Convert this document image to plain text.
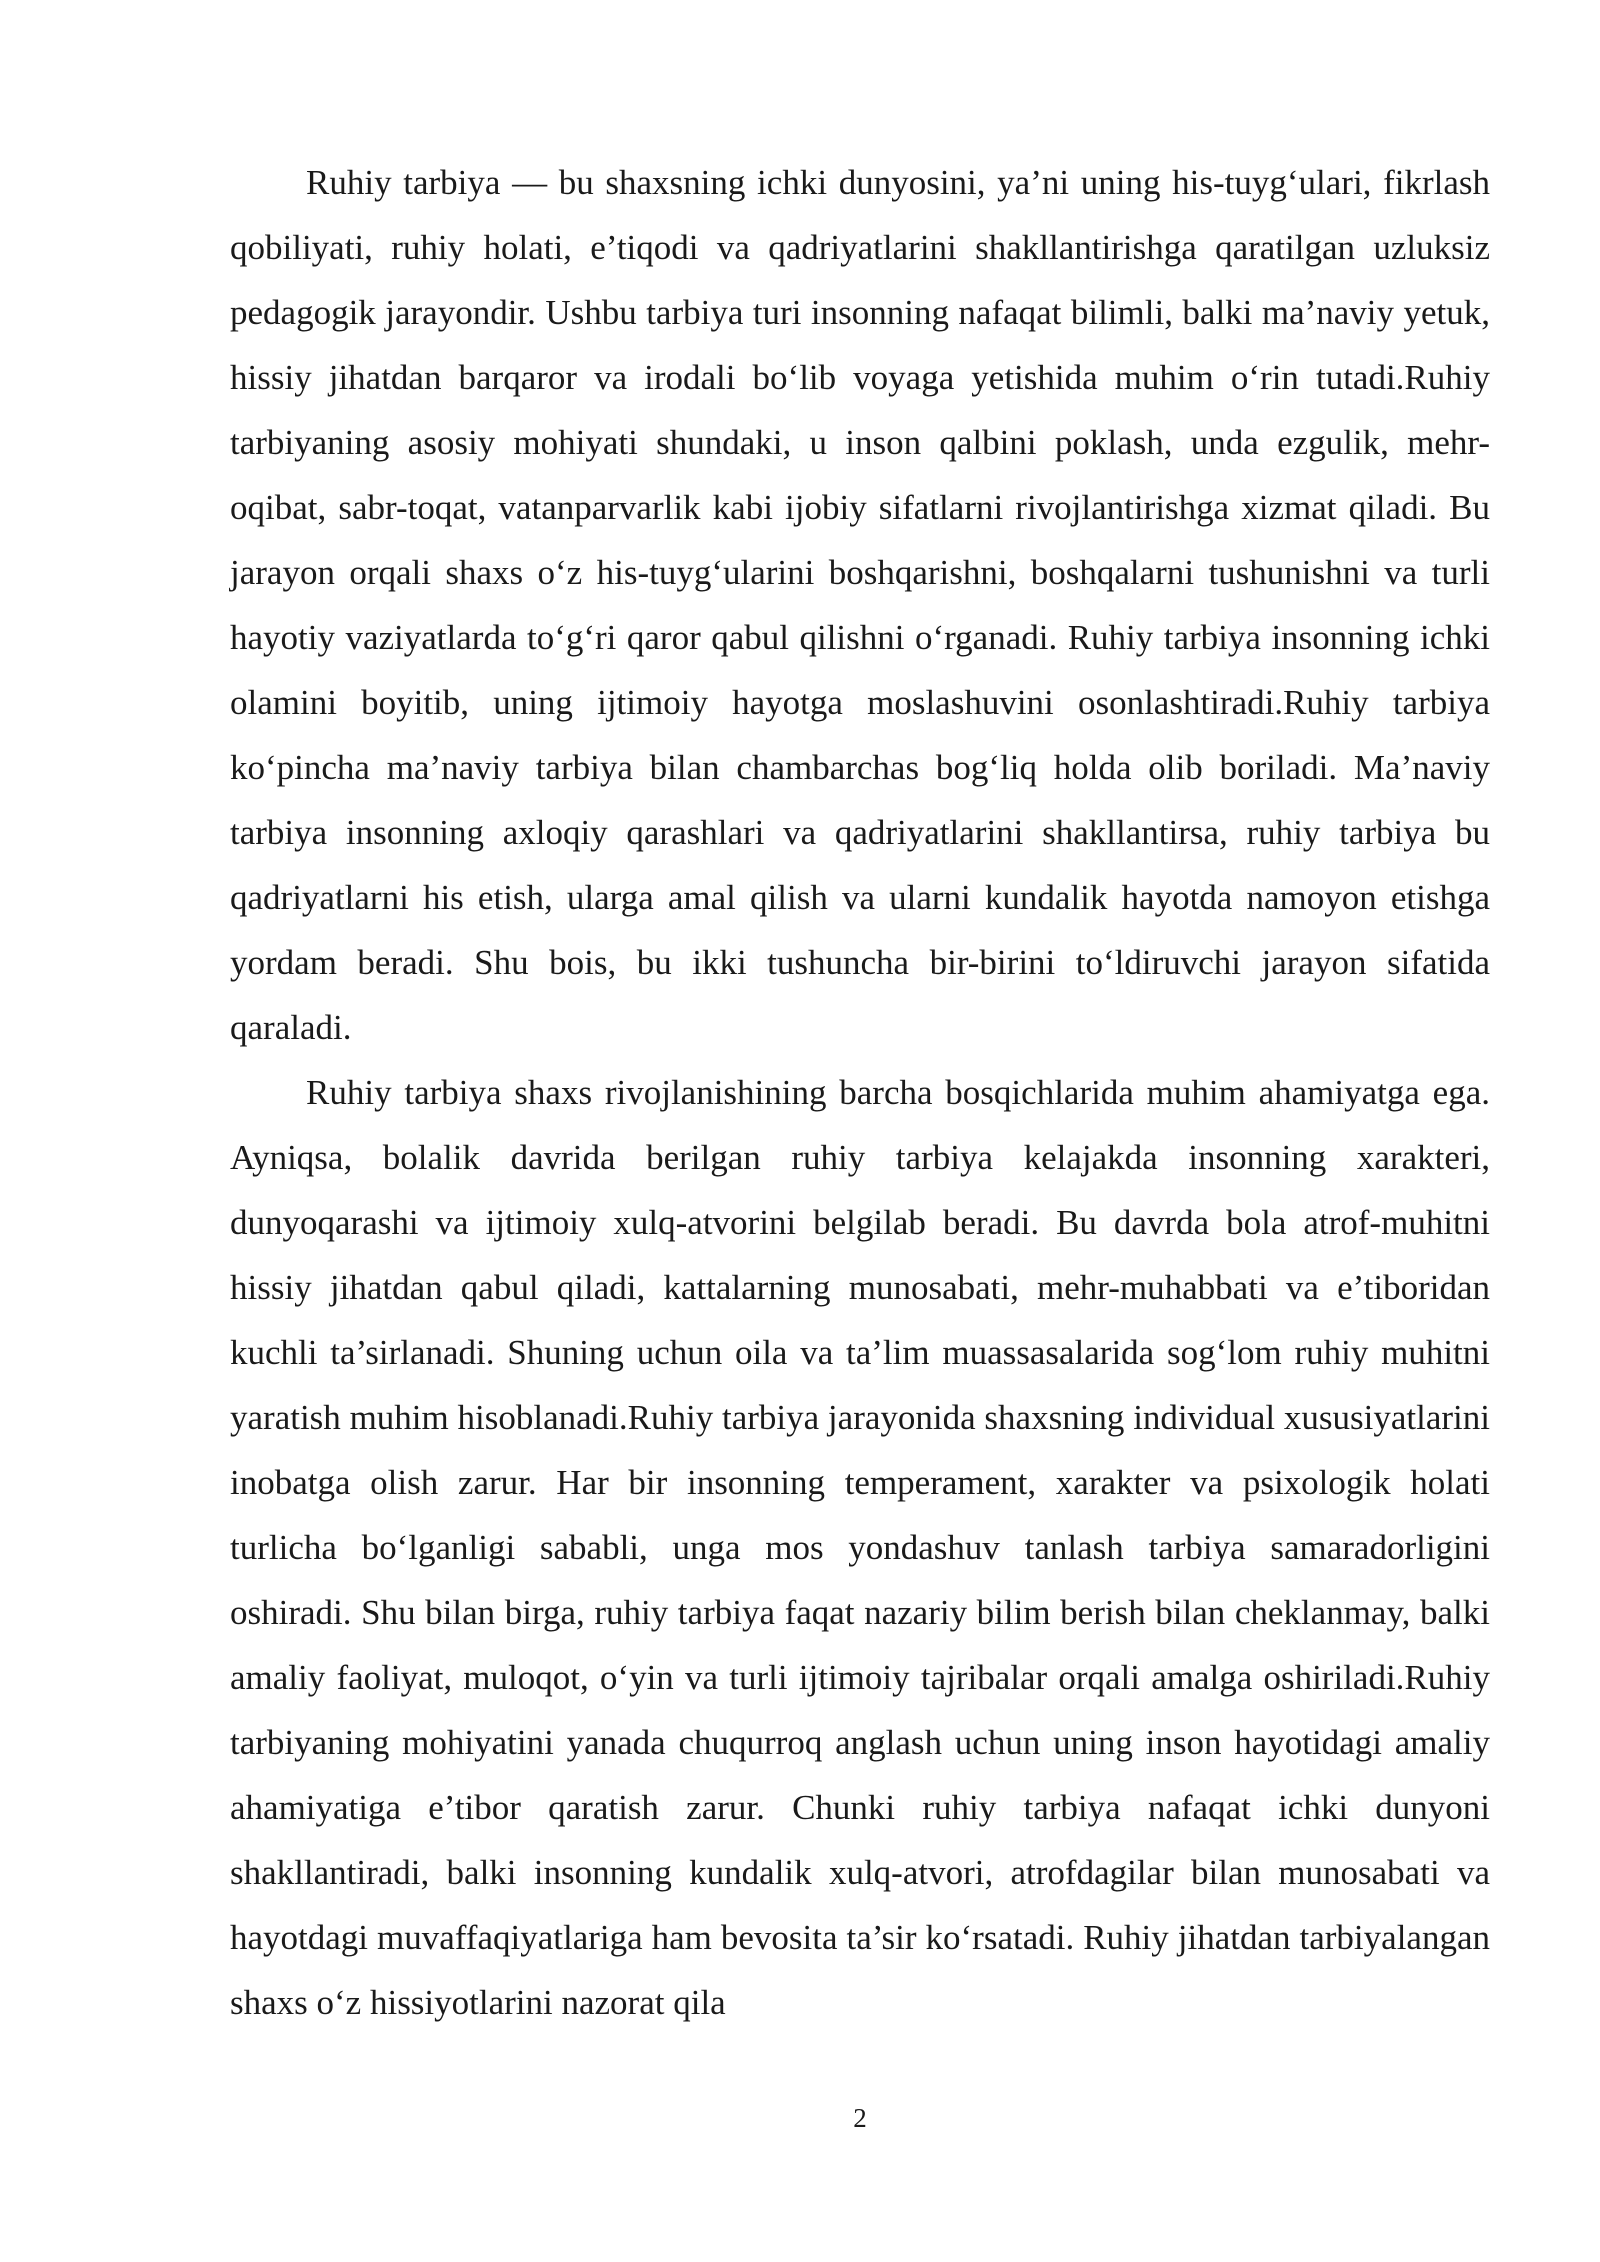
Ruhiy tarbiya — bu shaxsning ichki dunyosini, ya’ni uning his-tuyg‘ulari, fikrlash qobiliyati, ruhiy holati, e’tiqodi va qadriyatlarini shakllantirishga qaratilgan uzluksiz pedagogik jarayondir. Ushbu tarbiya turi insonning nafaqat bilimli, balki ma’naviy yetuk, hissiy jihatdan barqaror va irodali bo‘lib voyaga yetishida muhim o‘rin tutadi.Ruhiy tarbiyaning asosiy mohiyati shundaki, u inson qalbini poklash, unda ezgulik, mehr-oqibat, sabr-toqat, vatanparvarlik kabi ijobiy sifatlarni rivojlantirishga xizmat qiladi. Bu jarayon orqali shaxs o‘z his-tuyg‘ularini boshqarishni, boshqalarni tushunishni va turli hayotiy vaziyatlarda to‘g‘ri qaror qabul qilishni o‘rganadi. Ruhiy tarbiya insonning ichki olamini boyitib, uning ijtimoiy hayotga moslashuvini osonlashtiradi.Ruhiy tarbiya ko‘pincha ma’naviy tarbiya bilan chambarchas bog‘liq holda olib boriladi. Ma’naviy tarbiya insonning axloqiy qarashlari va qadriyatlarini shakllantirsa, ruhiy tarbiya bu qadriyatlarni his etish, ularga amal qilish va ularni kundalik hayotda namoyon etishga yordam beradi. Shu bois, bu ikki tushuncha bir-birini to‘ldiruvchi jarayon sifatida qaraladi.

Ruhiy tarbiya shaxs rivojlanishining barcha bosqichlarida muhim ahamiyatga ega. Ayniqsa, bolalik davrida berilgan ruhiy tarbiya kelajakda insonning xarakteri, dunyoqarashi va ijtimoiy xulq-atvorini belgilab beradi. Bu davrda bola atrof-muhitni hissiy jihatdan qabul qiladi, kattalarning munosabati, mehr-muhabbati va e’tiboridan kuchli ta’sirlanadi. Shuning uchun oila va ta’lim muassasalarida sog‘lom ruhiy muhitni yaratish muhim hisoblanadi.Ruhiy tarbiya jarayonida shaxsning individual xususiyatlarini inobatga olish zarur. Har bir insonning temperament, xarakter va psixologik holati turlicha bo‘lganligi sababli, unga mos yondashuv tanlash tarbiya samaradorligini oshiradi. Shu bilan birga, ruhiy tarbiya faqat nazariy bilim berish bilan cheklanmay, balki amaliy faoliyat, muloqot, o‘yin va turli ijtimoiy tajribalar orqali amalga oshiriladi.Ruhiy tarbiyaning mohiyatini yanada chuqurroq anglash uchun uning inson hayotidagi amaliy ahamiyatiga e’tibor qaratish zarur. Chunki ruhiy tarbiya nafaqat ichki dunyoni shakllantiradi, balki insonning kundalik xulq-atvori, atrofdagilar bilan munosabati va hayotdagi muvaffaqiyatlariga ham bevosita ta’sir ko‘rsatadi. Ruhiy jihatdan tarbiyalangan shaxs o‘z hissiyotlarini nazorat qila

2
